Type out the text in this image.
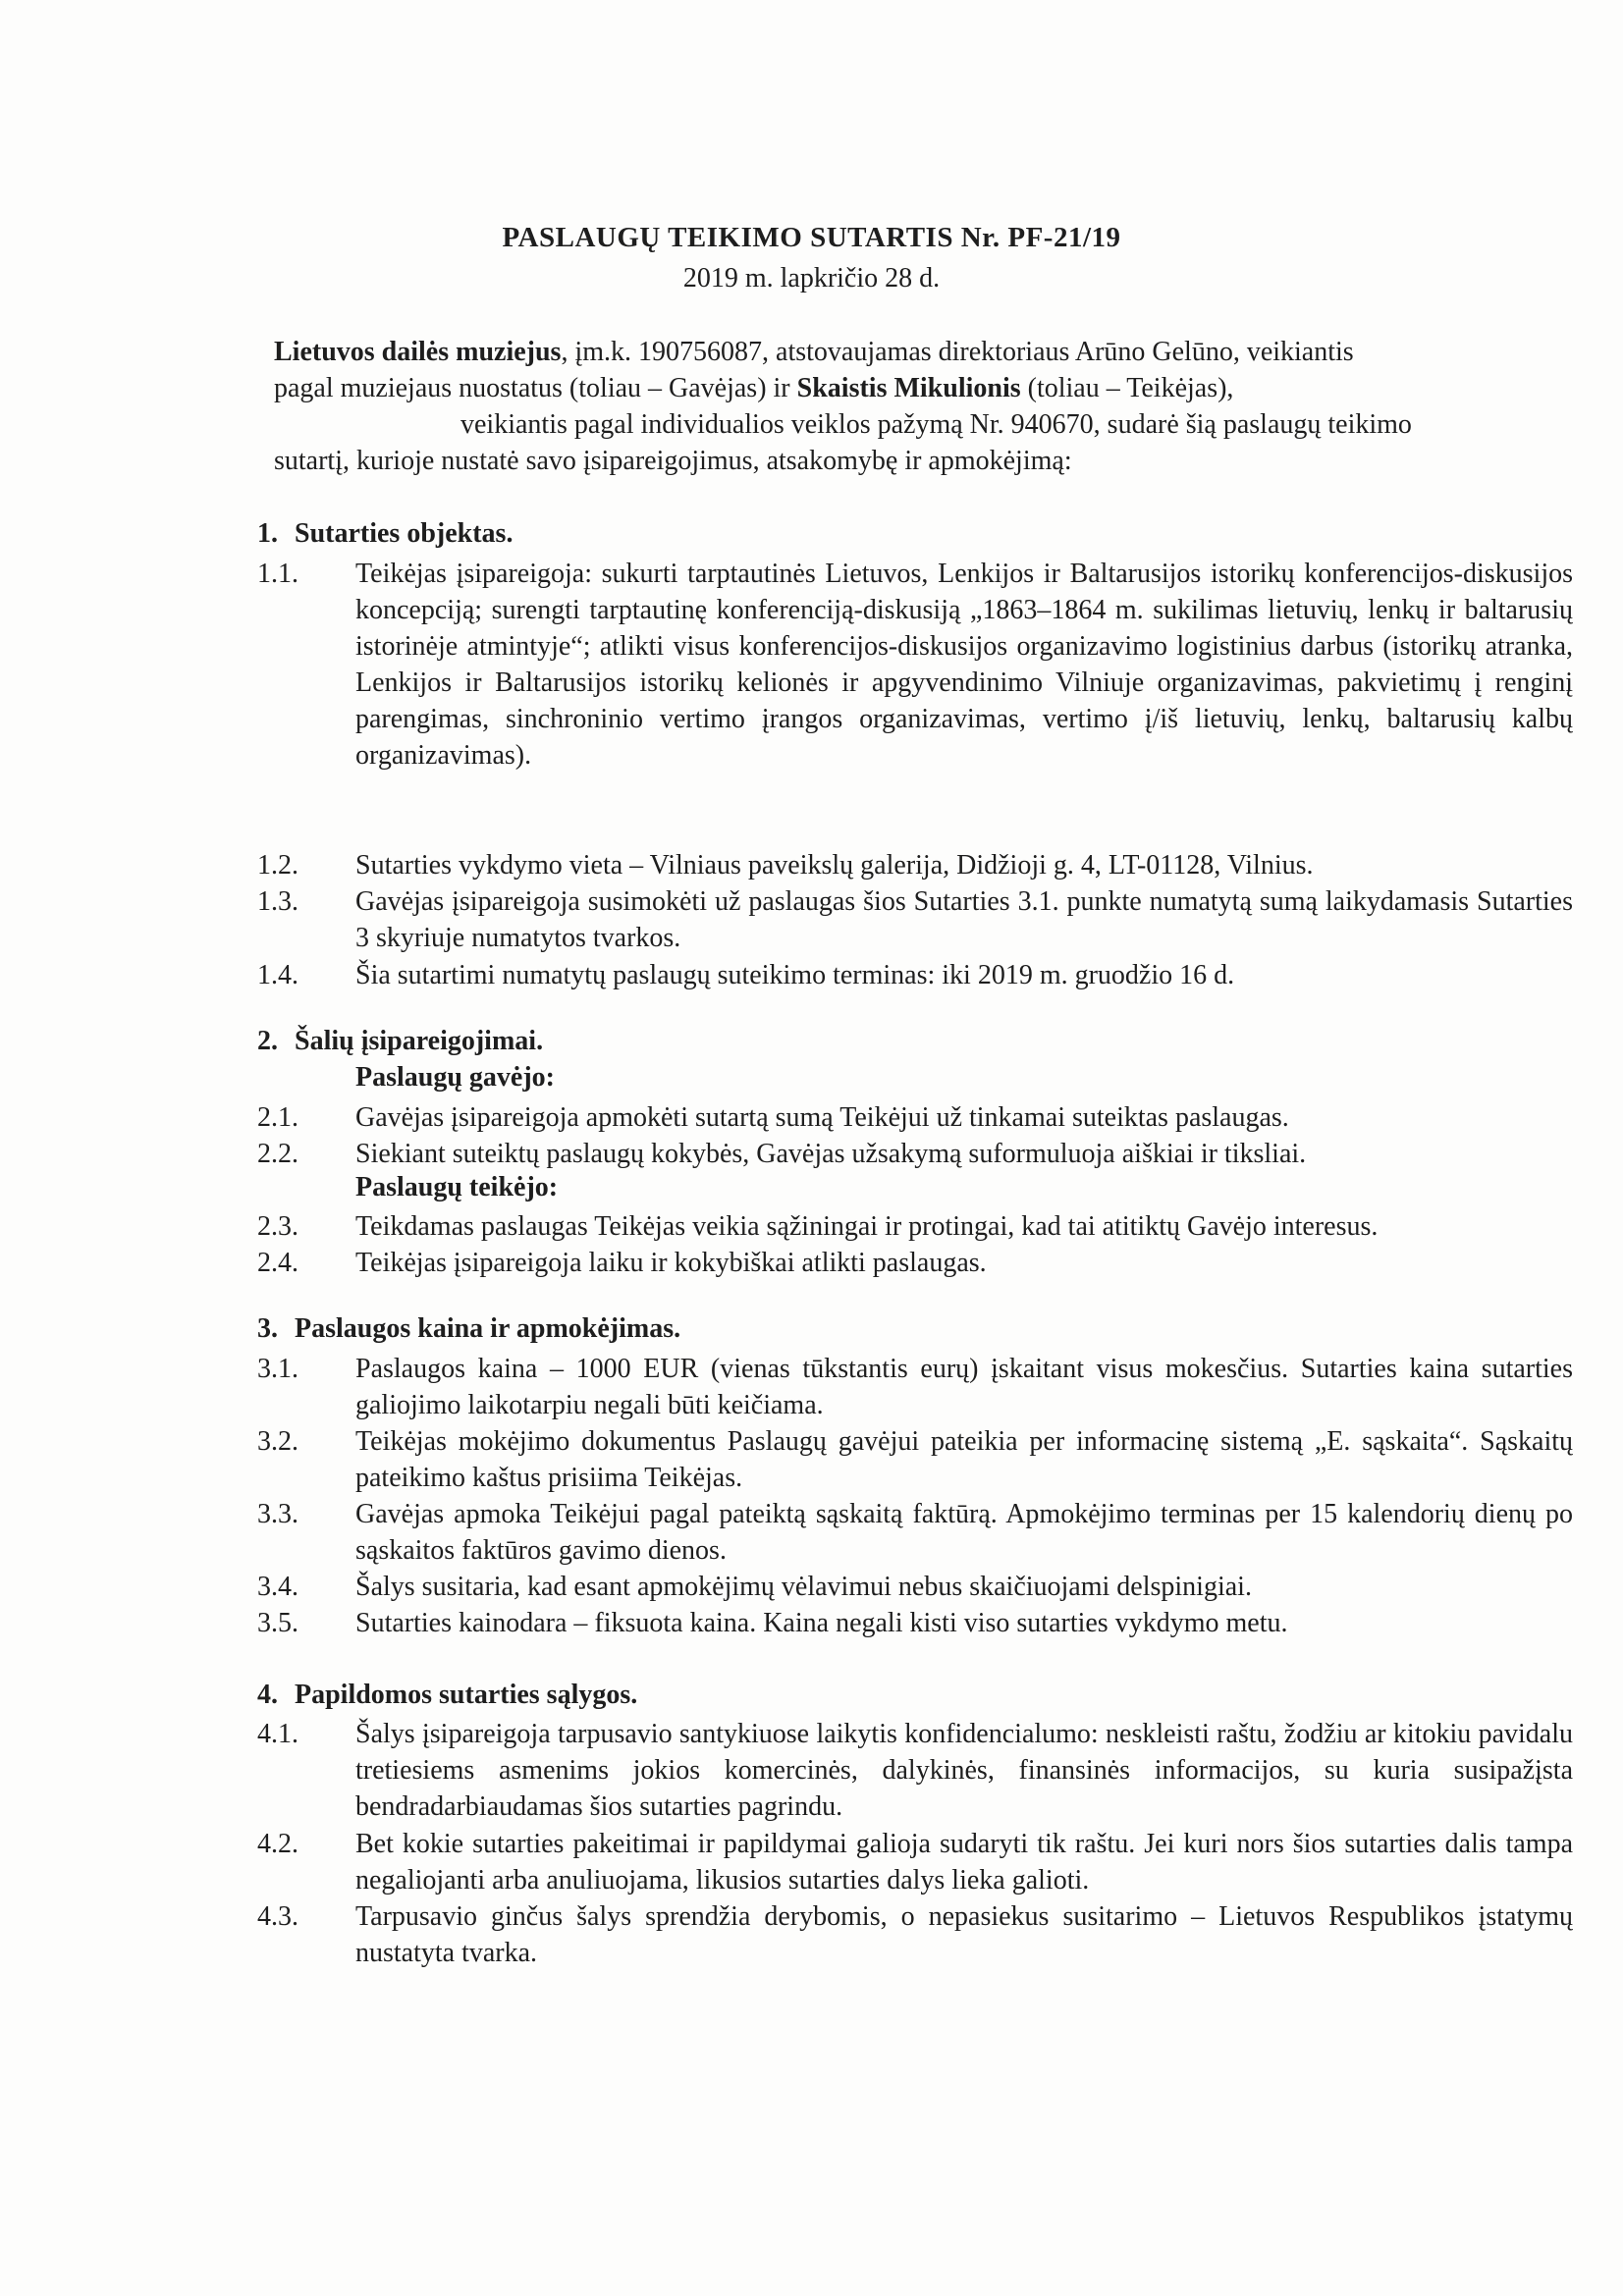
PASLAUGŲ TEIKIMO SUTARTIS Nr. PF-21/19
2019 m. lapkričio 28 d.
Lietuvos dailės muziejus, įm.k. 190756087, atstovaujamas direktoriaus Arūno Gelūno, veikiantis
pagal muziejaus nuostatus (toliau – Gavėjas) ir Skaistis Mikulionis (toliau – Teikėjas),
veikiantis pagal individualios veiklos pažymą Nr. 940670, sudarė šią paslaugų teikimo
sutartį, kurioje nustatė savo įsipareigojimus, atsakomybę ir apmokėjimą:
1. Sutarties objektas.
1.1.	Teikėjas įsipareigoja: sukurti tarptautinės Lietuvos, Lenkijos ir Baltarusijos istorikų konferencijos-diskusijos koncepciją; surengti tarptautinę konferenciją-diskusiją „1863–1864 m. sukilimas lietuvių, lenkų ir baltarusių istorinėje atmintyje“; atlikti visus konferencijos-diskusijos organizavimo logistinius darbus (istorikų atranka, Lenkijos ir Baltarusijos istorikų kelionės ir apgyvendinimo Vilniuje organizavimas, pakvietimų į renginį parengimas, sinchroninio vertimo įrangos organizavimas, vertimo į/iš lietuvių, lenkų, baltarusių kalbų organizavimas).
1.2.	Sutarties vykdymo vieta – Vilniaus paveikslų galerija, Didžioji g. 4, LT-01128, Vilnius.
1.3.	Gavėjas įsipareigoja susimokėti už paslaugas šios Sutarties 3.1. punkte numatytą sumą laikydamasis Sutarties 3 skyriuje numatytos tvarkos.
1.4.	Šia sutartimi numatytų paslaugų suteikimo terminas: iki 2019 m. gruodžio 16 d.
2. Šalių įsipareigojimai.
Paslaugų gavėjo:
2.1.	Gavėjas įsipareigoja apmokėti sutartą sumą Teikėjui už tinkamai suteiktas paslaugas.
2.2.	Siekiant suteiktų paslaugų kokybės, Gavėjas užsakymą suformuluoja aiškiai ir tiksliai.
Paslaugų teikėjo:
2.3.	Teikdamas paslaugas Teikėjas veikia sąžiningai ir protingai, kad tai atitiktų Gavėjo interesus.
2.4.	Teikėjas įsipareigoja laiku ir kokybiškai atlikti paslaugas.
3. Paslaugos kaina ir apmokėjimas.
3.1.	Paslaugos kaina – 1000 EUR (vienas tūkstantis eurų) įskaitant visus mokesčius. Sutarties kaina sutarties galiojimo laikotarpiu negali būti keičiama.
3.2.	Teikėjas mokėjimo dokumentus Paslaugų gavėjui pateikia per informacinę sistemą „E. sąskaita“. Sąskaitų pateikimo kaštus prisiima Teikėjas.
3.3.	Gavėjas apmoka Teikėjui pagal pateiktą sąskaitą faktūrą. Apmokėjimo terminas per 15 kalendorių dienų po sąskaitos faktūros gavimo dienos.
3.4.	Šalys susitaria, kad esant apmokėjimų vėlavimui nebus skaičiuojami delspinigiai.
3.5.	Sutarties kainodara – fiksuota kaina. Kaina negali kisti viso sutarties vykdymo metu.
4. Papildomos sutarties sąlygos.
4.1.	Šalys įsipareigoja tarpusavio santykiuose laikytis konfidencialumo: neskleisti raštu, žodžiu ar kitokiu pavidalu tretiesiems asmenims jokios komercinės, dalykinės, finansinės informacijos, su kuria susipažįsta bendradarbiaudamas šios sutarties pagrindu.
4.2.	Bet kokie sutarties pakeitimai ir papildymai galioja sudaryti tik raštu. Jei kuri nors šios sutarties dalis tampa negaliojanti arba anuliuojama, likusios sutarties dalys lieka galioti.
4.3.	Tarpusavio ginčus šalys sprendžia derybomis, o nepasiekus susitarimo – Lietuvos Respublikos įstatymų nustatyta tvarka.
